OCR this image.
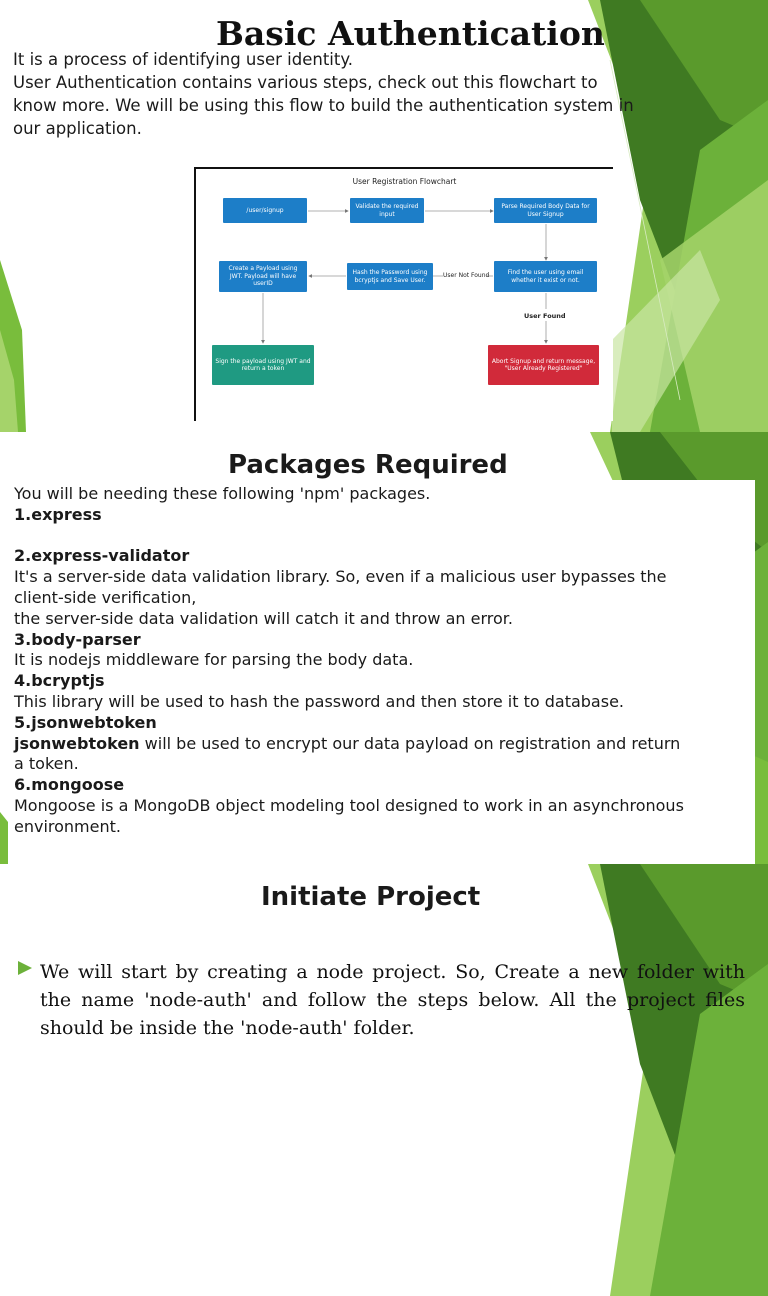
Basic Authentication
It is a process of identifying user identity.
User Authentication contains various steps, check out this flowchart to
know more. We will be using this flow to build the authentication system in
our application.
User Registration Flowchart
/user/signup
Validate the required input
Parse Required Body Data for User Signup
Create a Payload using JWT. Payload will have userID
Hash the Password using bcryptjs and Save User.
User Not Found	Find the user using email whether it exist or not.
User Found
Sign the payload using JWT and return a token
Abort Signup and return message, "User Already Registered"
Packages Required
You will be needing these following 'npm' packages.
1.express
2.express-validator
It's a server-side data validation library. So, even if a malicious user bypasses the
client-side verification,
the server-side data validation will catch it and throw an error.
3.body-parser
It is nodejs middleware for parsing the body data.
4.bcryptjs
This library will be used to hash the password and then store it to database.
5.jsonwebtoken
jsonwebtoken will be used to encrypt our data payload on registration and return
a token.
6.mongoose
Mongoose is a MongoDB object modeling tool designed to work in an asynchronous
environment.
Initiate Project
We will start by creating a node project. So, Create a new folder with the name 'node-auth' and follow the steps below. All the project files should be inside the 'node-auth' folder.
